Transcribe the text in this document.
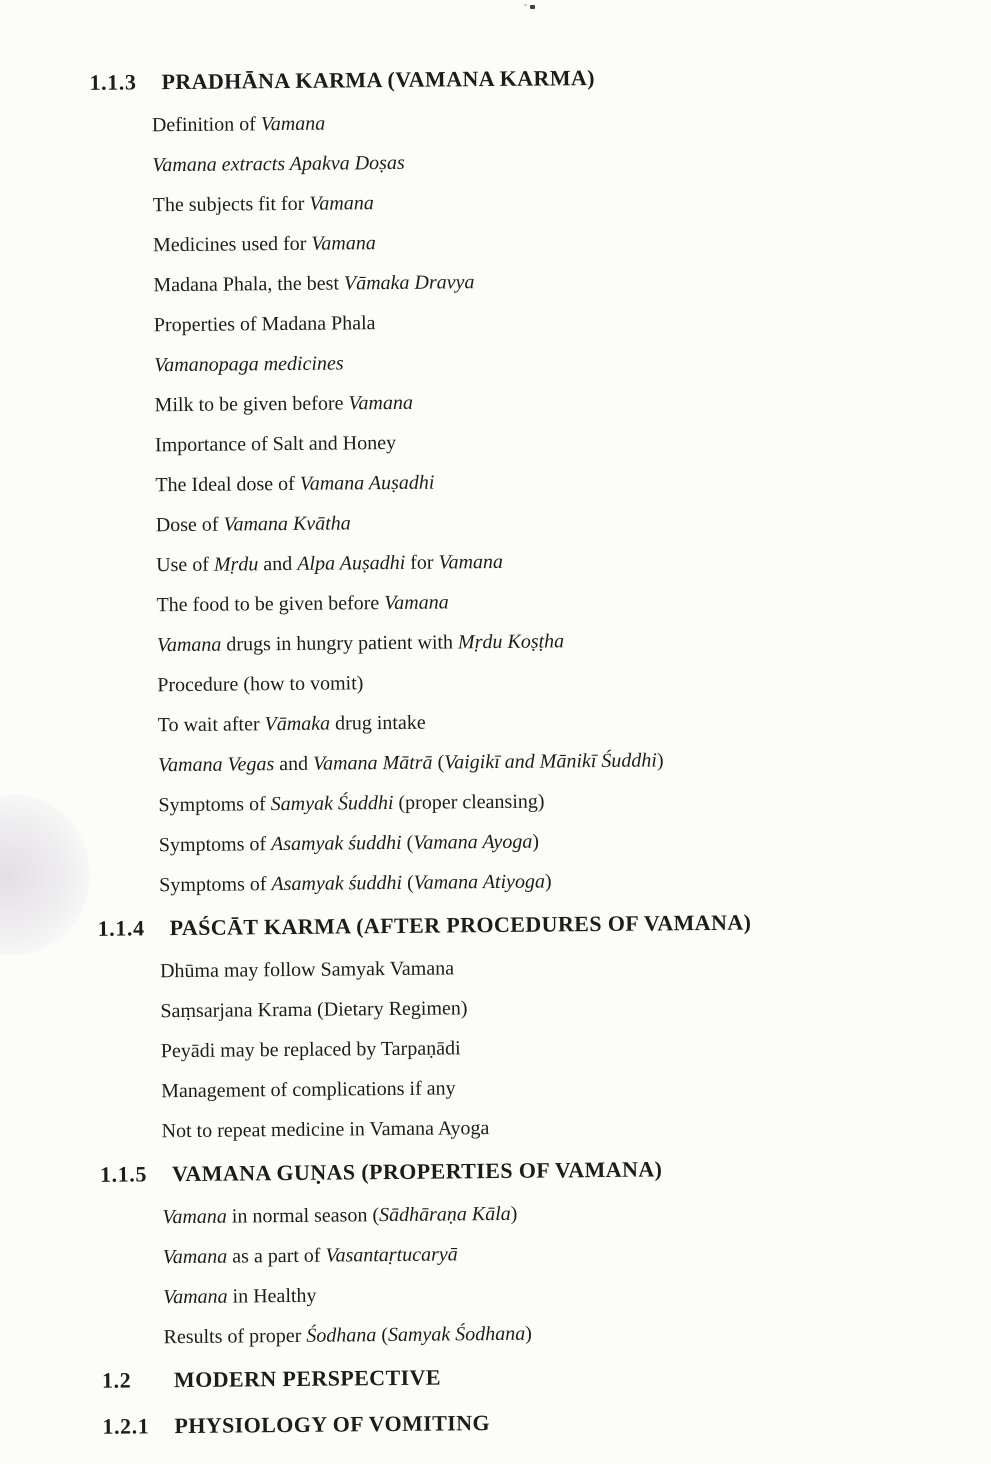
1.1.3	PRADHĀNA KARMA (VAMANA KARMA)
Definition of Vamana
Vamana extracts Apakva Doṣas
The subjects fit for Vamana
Medicines used for Vamana
Madana Phala, the best Vāmaka Dravya
Properties of Madana Phala
Vamanopaga medicines
Milk to be given before Vamana
Importance of Salt and Honey
The Ideal dose of Vamana Auṣadhi
Dose of Vamana Kvātha
Use of Mṛdu and Alpa Auṣadhi for Vamana
The food to be given before Vamana
Vamana drugs in hungry patient with Mṛdu Koṣṭha
Procedure (how to vomit)
To wait after Vāmaka drug intake
Vamana Vegas and Vamana Mātrā (Vaigikī and Mānikī Śuddhi)
Symptoms of Samyak Śuddhi (proper cleansing)
Symptoms of Asamyak śuddhi (Vamana Ayoga)
Symptoms of Asamyak śuddhi (Vamana Atiyoga)
1.1.4	PAŚCĀT KARMA (AFTER PROCEDURES OF VAMANA)
Dhūma may follow Samyak Vamana
Saṃsarjana Krama (Dietary Regimen)
Peyādi may be replaced by Tarpaṇādi
Management of complications if any
Not to repeat medicine in Vamana Ayoga
1.1.5	VAMANA GUṆAS (PROPERTIES OF VAMANA)
Vamana in normal season (Sādhāraṇa Kāla)
Vamana as a part of Vasantaṛtucaryā
Vamana in Healthy
Results of proper Śodhana (Samyak Śodhana)
1.2	MODERN PERSPECTIVE
1.2.1	PHYSIOLOGY OF VOMITING
